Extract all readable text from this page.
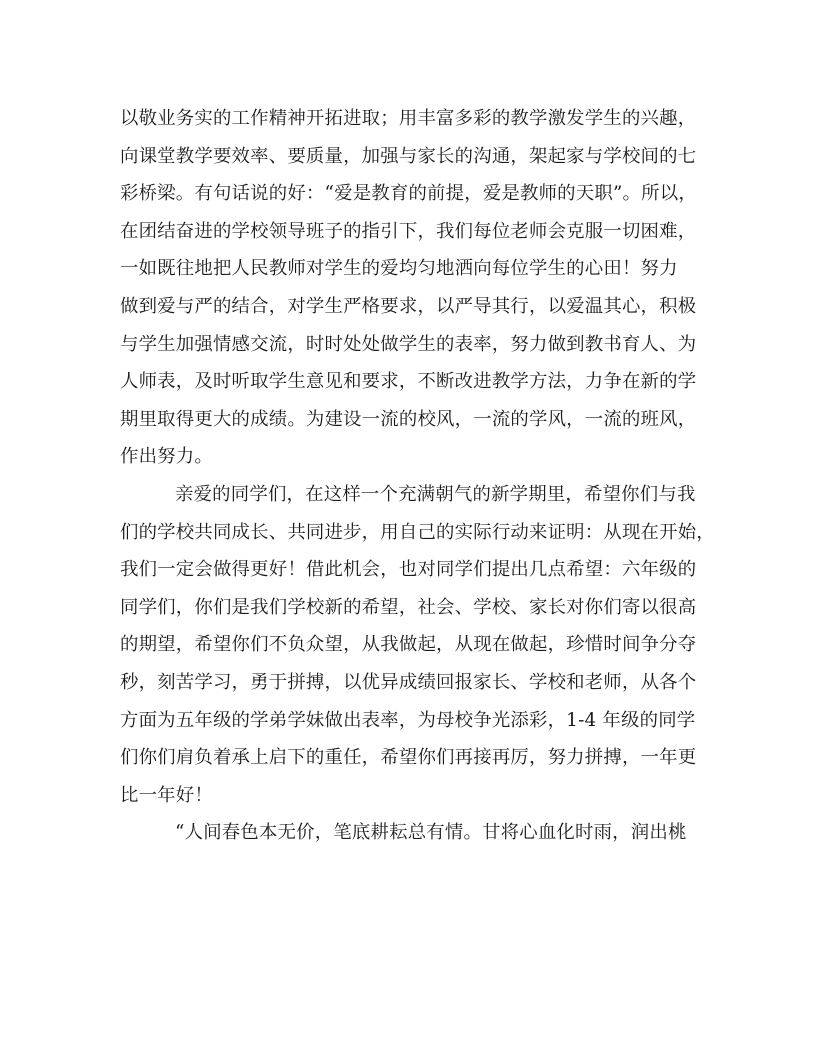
以敬业务实的工作精神开拓进取；用丰富多彩的教学激发学生的兴趣，
向课堂教学要效率、要质量，加强与家长的沟通，架起家与学校间的七
彩桥梁。有句话说的好：“爱是教育的前提，爱是教师的天职”。所以，
在团结奋进的学校领导班子的指引下，我们每位老师会克服一切困难，
一如既往地把人民教师对学生的爱均匀地洒向每位学生的心田！努力
做到爱与严的结合，对学生严格要求，以严导其行，以爱温其心，积极
与学生加强情感交流，时时处处做学生的表率，努力做到教书育人、为
人师表，及时听取学生意见和要求，不断改进教学方法，力争在新的学
期里取得更大的成绩。为建设一流的校风，一流的学风，一流的班风，
作出努力。
亲爱的同学们，在这样一个充满朝气的新学期里，希望你们与我
们的学校共同成长、共同进步，用自己的实际行动来证明：从现在开始，
我们一定会做得更好！借此机会，也对同学们提出几点希望：六年级的
同学们，你们是我们学校新的希望，社会、学校、家长对你们寄以很高
的期望，希望你们不负众望，从我做起，从现在做起，珍惜时间争分夺
秒，刻苦学习，勇于拼搏，以优异成绩回报家长、学校和老师，从各个
方面为五年级的学弟学妹做出表率，为母校争光添彩，1-4 年级的同学
们你们肩负着承上启下的重任，希望你们再接再厉，努力拼搏，一年更
比一年好！
“人间春色本无价，笔底耕耘总有情。甘将心血化时雨，润出桃
